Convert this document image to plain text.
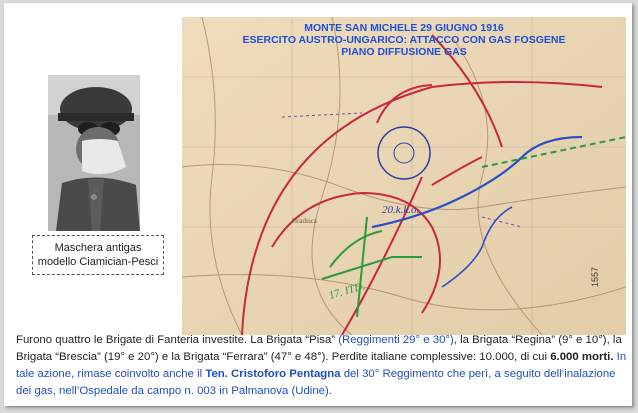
Maschera antigas
modello Ciamician-Pesci
20.k.k.o.
17. ITD.
Gradisca
1557
MONTE SAN MICHELE 29 GIUGNO 1916
ESERCITO AUSTRO-UNGARICO: ATTACCO CON GAS FOSGENE
PIANO DIFFUSIONE GAS
Furono quattro le Brigate di Fanteria investite. La Brigata “Pisa” (Reggimenti 29° e 30°), la Brigata “Regina” (9° e 10°), la Brigata “Brescia” (19° e 20°) e la Brigata “Ferrara” (47° e 48°). Perdite italiane complessive: 10.000, di cui 6.000 morti. In tale azione, rimase coinvolto anche il Ten. Cristoforo Pentagna del 30° Reggimento che perì, a seguito dell’inalazione dei gas, nell’Ospedale da campo n. 003 in Palmanova (Udine).
